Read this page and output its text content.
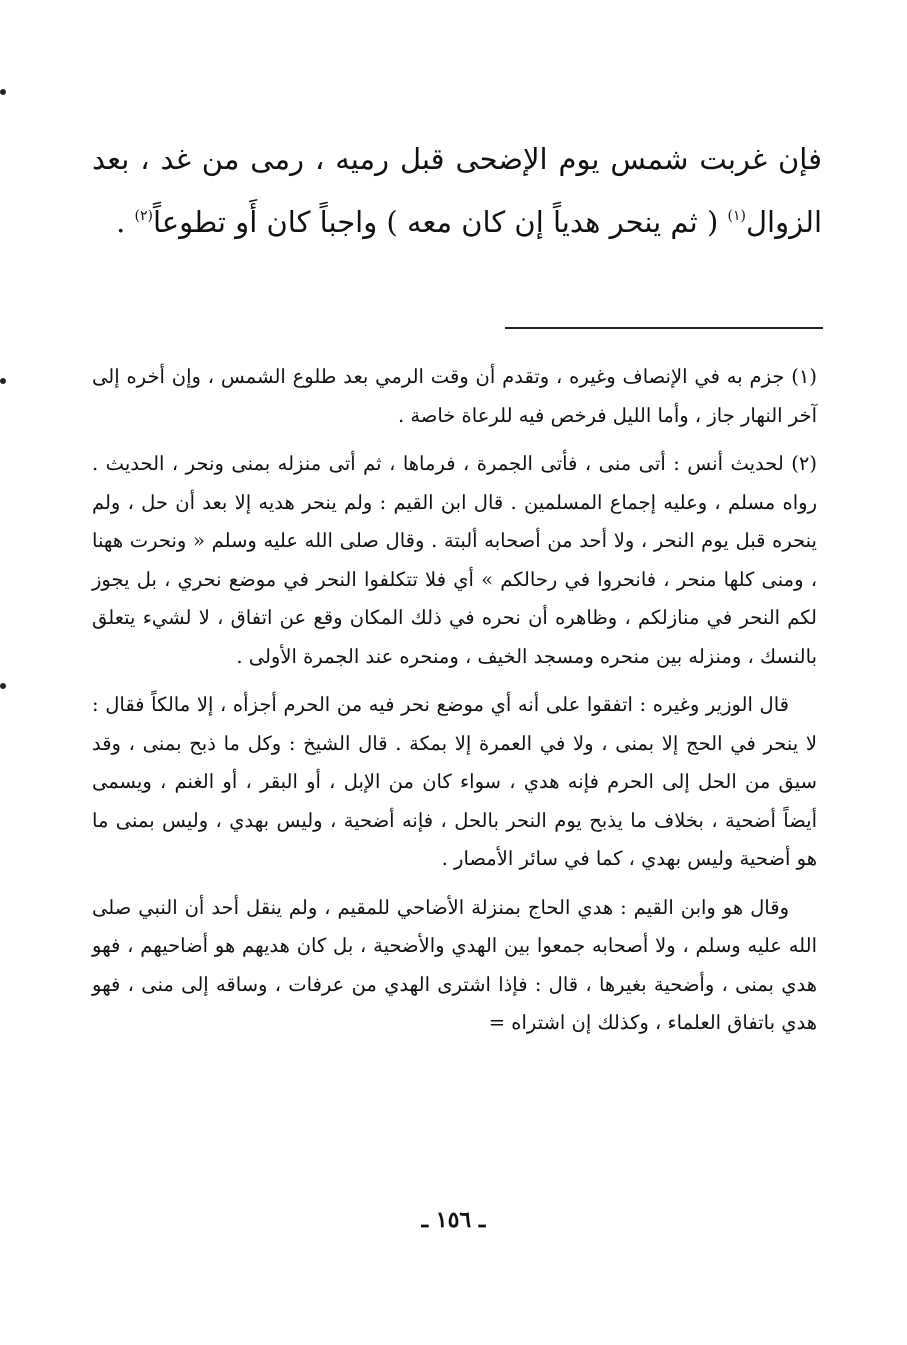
فإن غربت شمس يوم الإضحى قبل رميه ، رمى من غد ، بعد الزوال$^{(١)}$ ( ثم ينحر هدياً إن كان معه ) واجباً كان أَو تطوعاً$^{(٢)}$ .

(١) جزم به في الإنصاف وغيره ، وتقدم أن وقت الرمي بعد طلوع الشمس ، وإن أخره إلى آخر النهار جاز ، وأما الليل فرخص فيه للرعاة خاصة .

(٢) لحديث أنس : أتى منى ، فأتى الجمرة ، فرماها ، ثم أتى منزله بمنى ونحر ، الحديث . رواه مسلم ، وعليه إجماع المسلمين . قال ابن القيم : ولم ينحر هديه إلا بعد أن حل ، ولم ينحره قبل يوم النحر ، ولا أحد من أصحابه ألبتة . وقال صلى الله عليه وسلم « ونحرت ههنا ، ومنى كلها منحر ، فانحروا في رحالكم » أي فلا تتكلفوا النحر في موضع نحري ، بل يجوز لكم النحر في منازلكم ، وظاهره أن نحره في ذلك المكان وقع عن اتفاق ، لا لشيء يتعلق بالنسك ، ومنزله بين منحره ومسجد الخيف ، ومنحره عند الجمرة الأولى .

قال الوزير وغيره : اتفقوا على أنه أي موضع نحر فيه من الحرم أجزأه ، إلا مالكاً فقال : لا ينحر في الحج إلا بمنى ، ولا في العمرة إلا بمكة . قال الشيخ : وكل ما ذبح بمنى ، وقد سيق من الحل إلى الحرم فإنه هدي ، سواء كان من الإبل ، أو البقر ، أو الغنم ، ويسمى أيضاً أضحية ، بخلاف ما يذبح يوم النحر بالحل ، فإنه أضحية ، وليس بهدي ، وليس بمنى ما هو أضحية وليس بهدي ، كما في سائر الأمصار .

وقال هو وابن القيم : هدي الحاج بمنزلة الأضاحي للمقيم ، ولم ينقل أحد أن النبي صلى الله عليه وسلم ، ولا أصحابه جمعوا بين الهدي والأضحية ، بل كان هديهم هو أضاحيهم ، فهو هدي بمنى ، وأضحية بغيرها ، قال : فإذا اشترى الهدي من عرفات ، وساقه إلى منى ، فهو هدي باتفاق العلماء ، وكذلك إن اشتراه =

ـ ١٥٦ ـ
